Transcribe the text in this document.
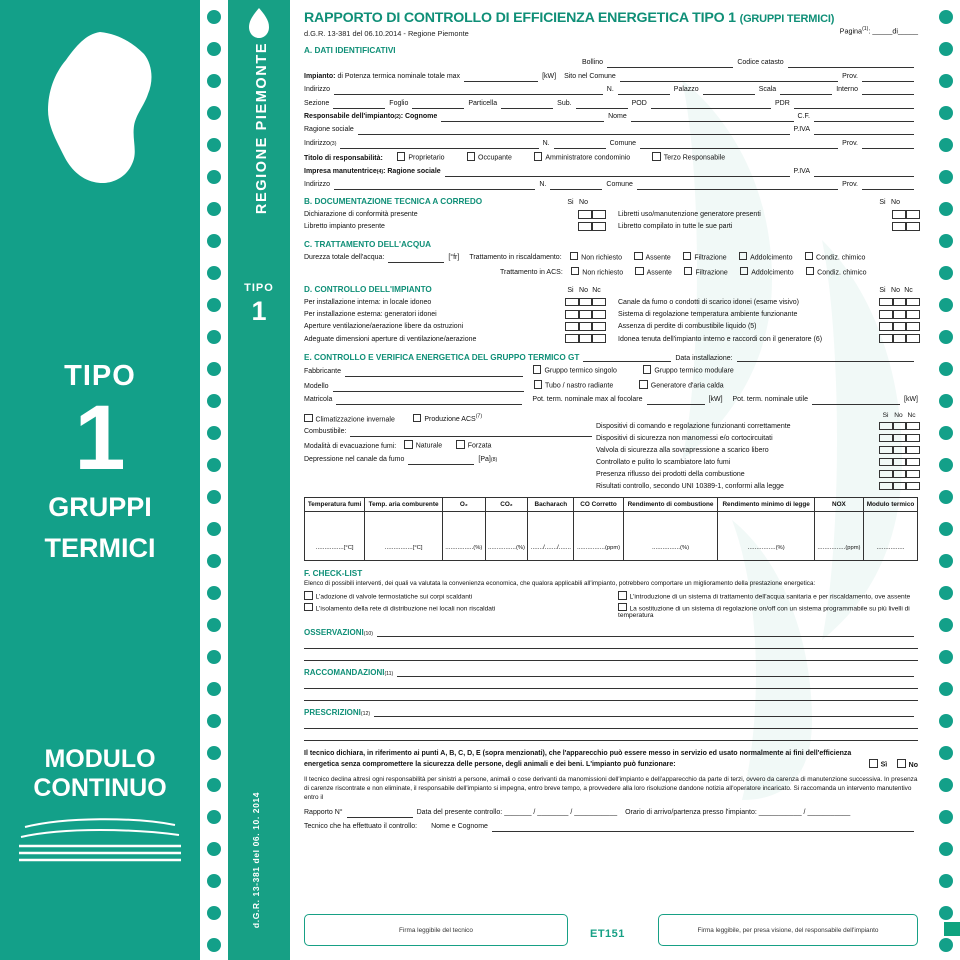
TIPO
1
GRUPPI
TERMICI
MODULO
CONTINUO
REGIONE PIEMONTE
TIPO
1
d.G.R. 13-381 del 06. 10. 2014
RAPPORTO DI CONTROLLO DI EFFICIENZA ENERGETICA TIPO 1 (GRUPPI TERMICI)
d.G.R. 13-381 del 06.10.2014 - Regione Piemonte	Pagina$^{(1)}$: _____di_____
A. DATI IDENTIFICATIVI
Bollino	Codice catasto
Impianto: di Potenza termica nominale totale max	[kW] Sito nel Comune	Prov.
Indirizzo	N.	Palazzo	Scala	Interno
Sezione	Foglio	Particella	Sub.	POD	PDR
Responsabile dell'impianto (2) : Cognome	Nome	C.F.
Ragione sociale	P.IVA
Indirizzo (3)	N.	Comune	Prov.
Titolo di responsabilità:	Proprietario	Occupante	Amministratore condominio	Terzo Responsabile
Impresa manutentrice (4) : Ragione sociale	P.IVA
Indirizzo	N.	Comune	Prov.
B. DOCUMENTAZIONE TECNICA A CORREDO	Si No	Si No
Dichiarazione di conformità presente
Libretto impianto presente
Libretti uso/manutenzione generatore presenti
Libretto compilato in tutte le sue parti
C. TRATTAMENTO DELL'ACQUA
Durezza totale dell'acqua:	[°fr] Trattamento in riscaldamento:	Non richiesto	Assente	Filtrazione	Addolcimento	Condiz. chimico
Trattamento in ACS:	Non richiesto	Assente	Filtrazione	Addolcimento	Condiz. chimico
D. CONTROLLO DELL'IMPIANTO	Si No Nc	Si No Nc
Per installazione interna: in locale idoneo
Per installazione esterna: generatori idonei
Aperture ventilazione/aerazione libere da ostruzioni
Adeguate dimensioni aperture di ventilazione/aerazione
Canale da fumo o condotti di scarico idonei (esame visivo)
Sistema di regolazione temperatura ambiente funzionante
Assenza di perdite di combustibile liquido (5)
Idonea tenuta dell'impianto interno e raccordi con il generatore (6)
E. CONTROLLO E VERIFICA ENERGETICA DEL GRUPPO TERMICO GT	Data installazione:
Fabbricante	Gruppo termico singolo	Gruppo termico modulare
Modello	Tubo / nastro radiante	Generatore d'aria calda
Matricola	Pot. term. nominale max al focolare	[kW] Pot. term. nominale utile	[kW]
Climatizzazione invernale	Produzione ACS$^{(7)}$
Combustibile:
Modalità di evacuazione fumi:	Naturale	Forzata
Depressione nel canale da fumo	[Pa] (8)
Si No Nc
Dispositivi di comando e regolazione funzionanti correttamente
Dispositivi di sicurezza non manomessi e/o cortocircuitati
Valvola di sicurezza alla sovrapressione a scarico libero
Controllato e pulito lo scambiatore lato fumi
Presenza riflusso dei prodotti della combustione
Risultati controllo, secondo UNI 10389-1, conformi alla legge
Temperatura fumi	Temp. aria comburente	O₂	CO₂	Bacharach	CO Corretto	Rendimento di combustione	Rendimento minimo di legge	NOX	Modulo termico

................[°C]	................[°C]	................(%)	................(%)	......./......./.......	................(ppm)	................(%)	................(%)	................(ppm)	................
F. CHECK-LIST
Elenco di possibili interventi, dei quali va valutata la convenienza economica, che qualora applicabili all'impianto, potrebbero comportare un miglioramento della prestazione energetica:
L'adozione di valvole termostatiche sui corpi scaldanti
L'isolamento della rete di distribuzione nei locali non riscaldati
L'introduzione di un sistema di trattamento dell'acqua sanitaria e per riscaldamento, ove assente
La sostituzione di un sistema di regolazione on/off con un sistema programmabile su più livelli di temperatura
OSSERVAZIONI (10)
RACCOMANDAZIONI (11)
PRESCRIZIONI (12)
Il tecnico dichiara, in riferimento ai punti A, B, C, D, E (sopra menzionati), che l'apparecchio può essere messo in servizio ed usato normalmente ai fini dell'efficienza energetica senza compromettere la sicurezza delle persone, degli animali e dei beni. L'impianto può funzionare:	Sì	No
Il tecnico declina altresì ogni responsabilità per sinistri a persone, animali o cose derivanti da manomissioni dell'impianto e dell'apparecchio da parte di terzi, ovvero da carenza di manutenzione successiva. In presenza di carenze riscontrate e non eliminate, il responsabile dell'impianto si impegna, entro breve tempo, a provvedere alla loro risoluzione dandone notizia all'operatore incaricato. Si raccomanda un intervento manutentivo entro il
Rapporto N°	Data del presente controllo: _______ / ________ / ___________ Orario di arrivo/partenza presso l'impianto: ___________ / ___________
Tecnico che ha effettuato il controllo: Nome e Cognome
Firma leggibile del tecnico	ET151	Firma leggibile, per presa visione, del responsabile dell'impianto
